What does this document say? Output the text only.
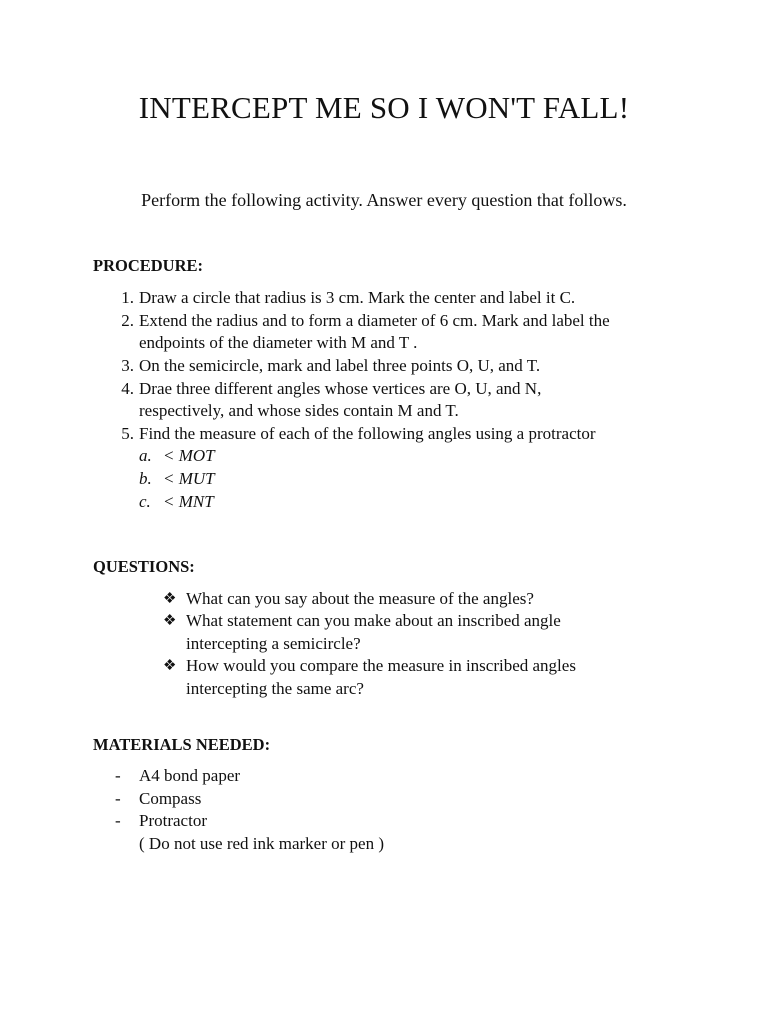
INTERCEPT ME SO I WON'T FALL!
Perform the following activity. Answer every question that follows.
PROCEDURE:
1. Draw a circle that radius is 3 cm. Mark the center and label it C.
2. Extend the radius and to form a diameter of 6 cm. Mark and label the
endpoints of the diameter with M and T .
3. On the semicircle, mark and label three points O, U, and T.
4. Drae three different angles whose vertices are O, U, and N,
respectively, and whose sides contain M and T.
5. Find the measure of each of the following angles using a protractor
a. < MOT
b. < MUT
c. < MNT
QUESTIONS:
❖ What can you say about the measure of the angles?
❖ What statement can you make about an inscribed angle
intercepting a semicircle?
❖ How would you compare the measure in inscribed angles
intercepting the same arc?
MATERIALS NEEDED:
- A4 bond paper
- Compass
- Protractor
( Do not use red ink marker or pen )
